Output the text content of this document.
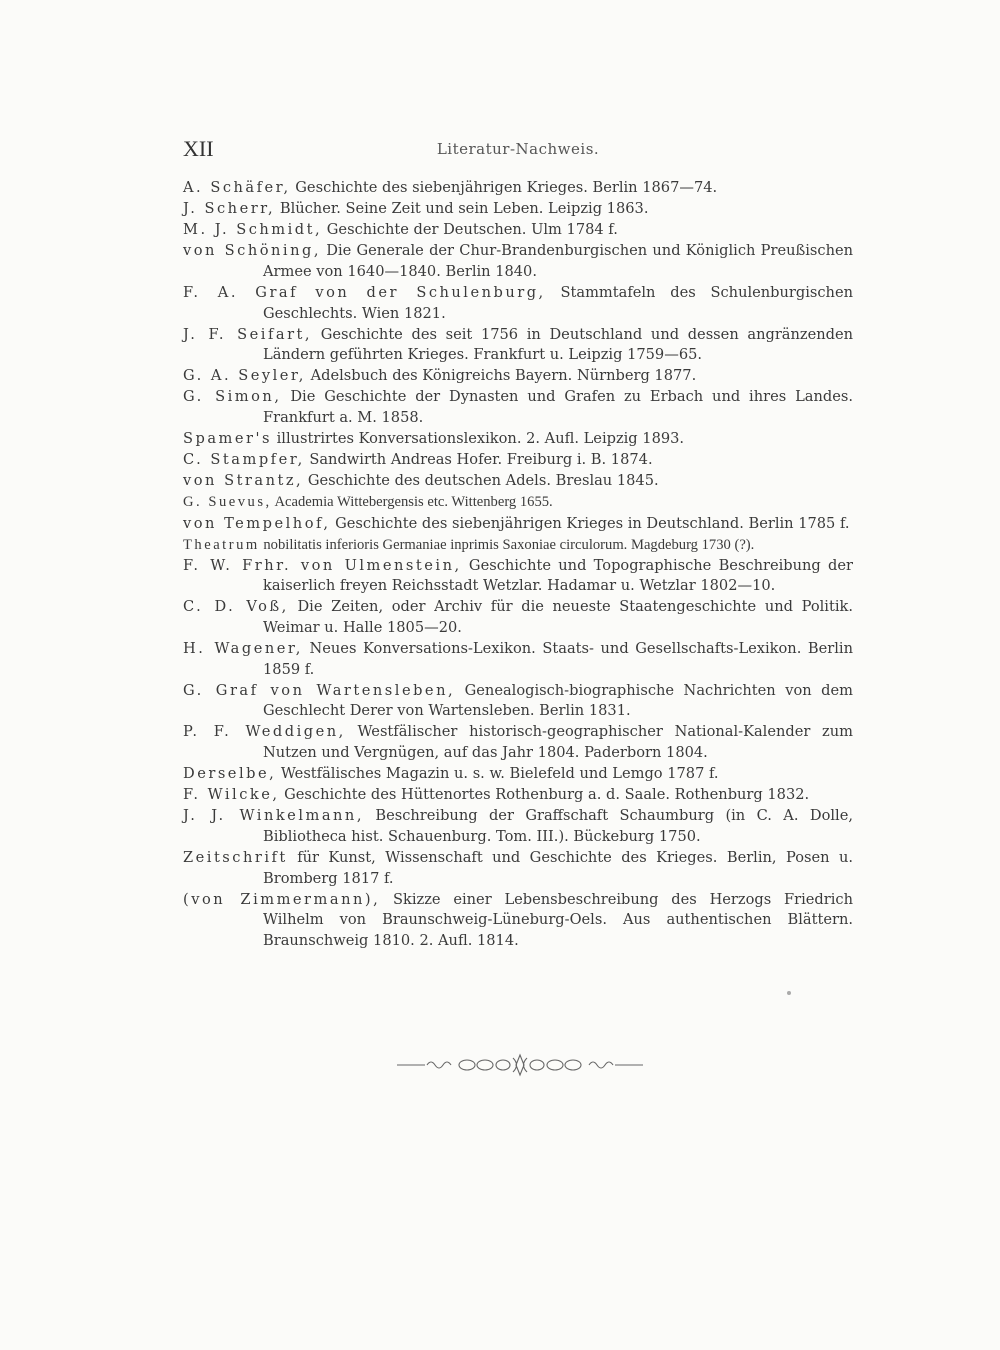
XII	Literatur-Nachweis.
A. Schäfer, Geschichte des siebenjährigen Krieges. Berlin 1867—74.
J. Scherr, Blücher. Seine Zeit und sein Leben. Leipzig 1863.
M. J. Schmidt, Geschichte der Deutschen. Ulm 1784 f.
von Schöning, Die Generale der Chur-Brandenburgischen und Königlich Preußischen Armee von 1640—1840. Berlin 1840.
F. A. Graf von der Schulenburg, Stammtafeln des Schulenburgischen Geschlechts. Wien 1821.
J. F. Seifart, Geschichte des seit 1756 in Deutschland und dessen angränzenden Ländern geführten Krieges. Frankfurt u. Leipzig 1759—65.
G. A. Seyler, Adelsbuch des Königreichs Bayern. Nürnberg 1877.
G. Simon, Die Geschichte der Dynasten und Grafen zu Erbach und ihres Landes. Frankfurt a. M. 1858.
Spamer's illustrirtes Konversationslexikon. 2. Aufl. Leipzig 1893.
C. Stampfer, Sandwirth Andreas Hofer. Freiburg i. B. 1874.
von Strantz, Geschichte des deutschen Adels. Breslau 1845.
G. Suevus, Academia Wittebergensis etc. Wittenberg 1655.
von Tempelhof, Geschichte des siebenjährigen Krieges in Deutschland. Berlin 1785 f.
Theatrum nobilitatis inferioris Germaniae inprimis Saxoniae circulorum. Magdeburg 1730 (?).
F. W. Frhr. von Ulmenstein, Geschichte und Topographische Beschreibung der kaiserlich freyen Reichsstadt Wetzlar. Hadamar u. Wetzlar 1802—10.
C. D. Voß, Die Zeiten, oder Archiv für die neueste Staatengeschichte und Politik. Weimar u. Halle 1805—20.
H. Wagener, Neues Konversations-Lexikon. Staats- und Gesellschafts-Lexikon. Berlin 1859 f.
G. Graf von Wartensleben, Genealogisch-biographische Nachrichten von dem Geschlecht Derer von Wartensleben. Berlin 1831.
P. F. Weddigen, Westfälischer historisch-geographischer National-Kalender zum Nutzen und Vergnügen, auf das Jahr 1804. Paderborn 1804.
Derselbe, Westfälisches Magazin u. s. w. Bielefeld und Lemgo 1787 f.
F. Wilcke, Geschichte des Hüttenortes Rothenburg a. d. Saale. Rothenburg 1832.
J. J. Winkelmann, Beschreibung der Graffschaft Schaumburg (in C. A. Dolle, Bibliotheca hist. Schauenburg. Tom. III.). Bückeburg 1750.
Zeitschrift für Kunst, Wissenschaft und Geschichte des Krieges. Berlin, Posen u. Bromberg 1817 f.
(von Zimmermann), Skizze einer Lebensbeschreibung des Herzogs Friedrich Wilhelm von Braunschweig-Lüneburg-Oels. Aus authentischen Blättern. Braunschweig 1810. 2. Aufl. 1814.
